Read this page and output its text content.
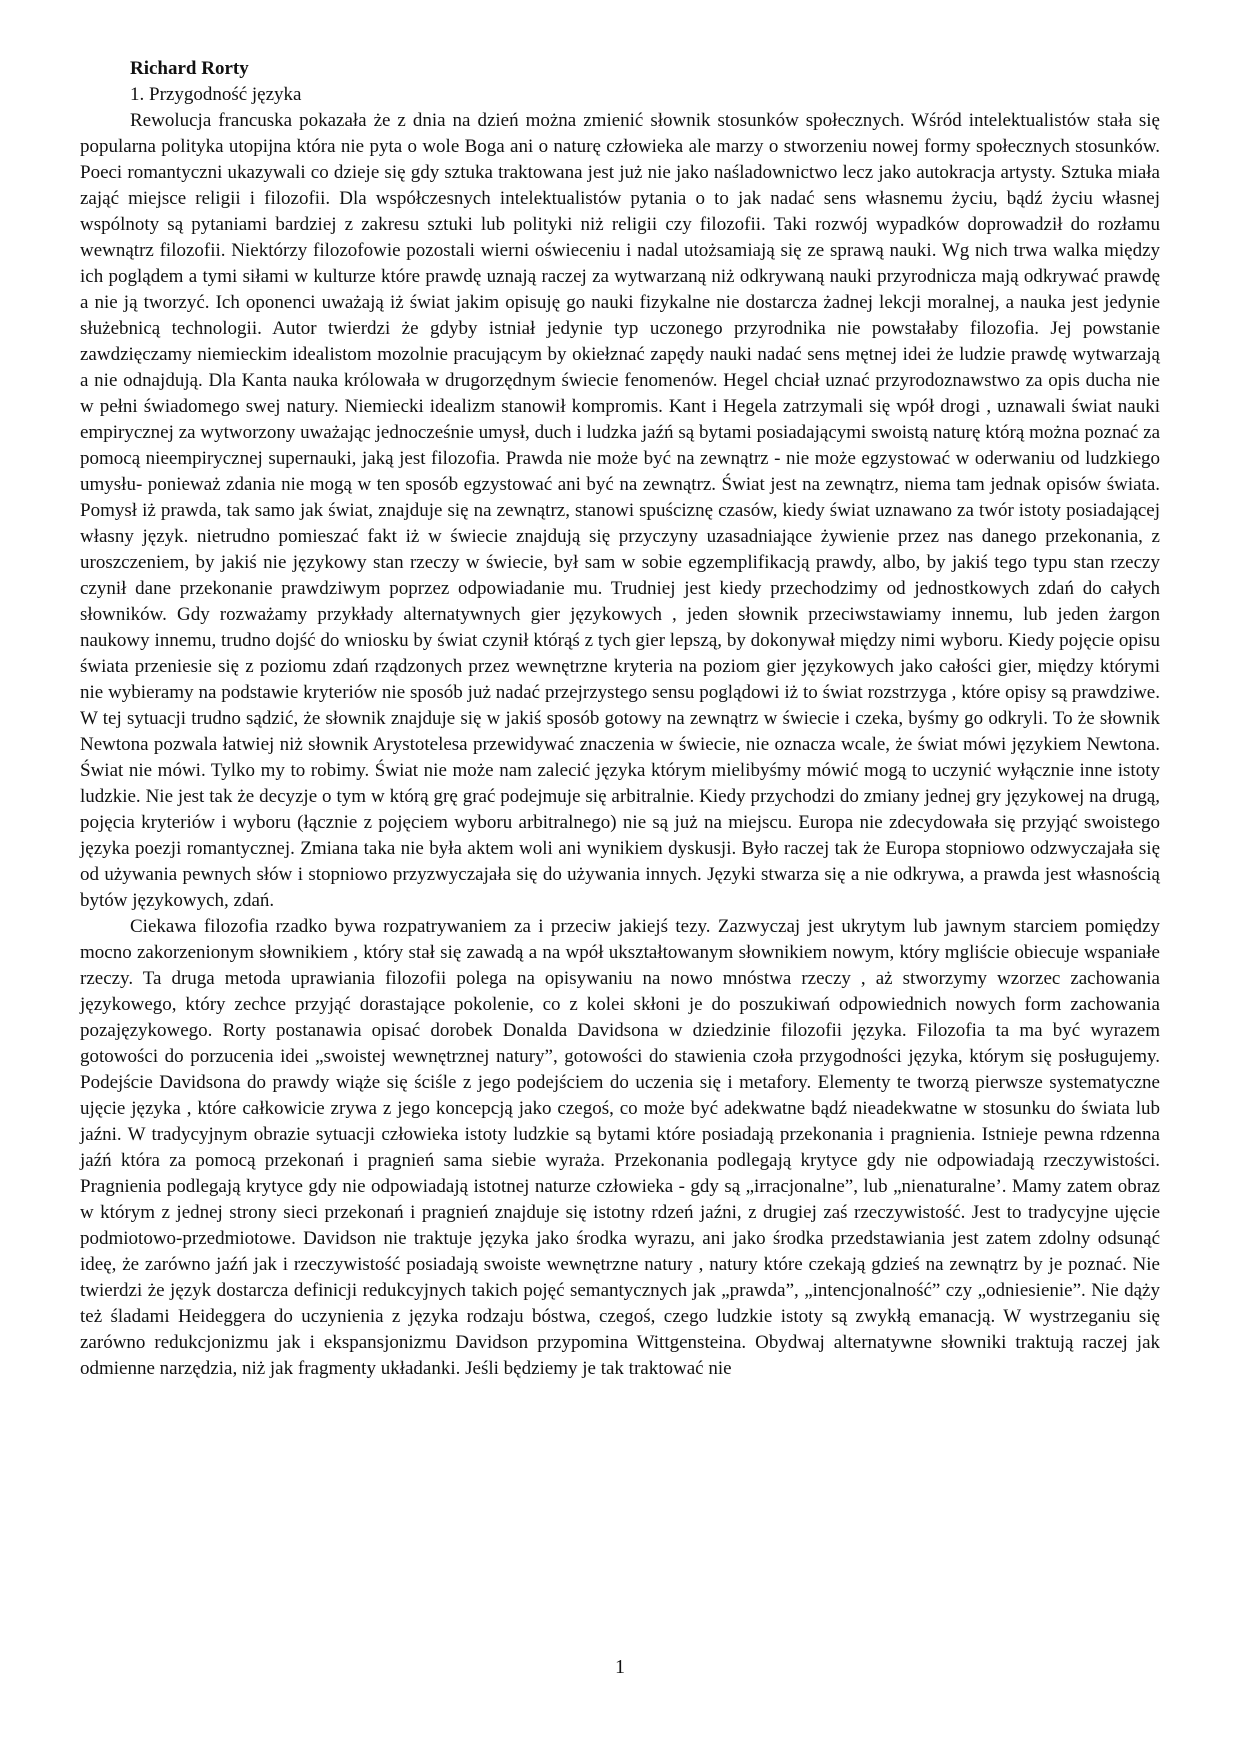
Richard Rorty

1. Przygodność języka

Rewolucja francuska pokazała że z dnia na dzień można zmienić słownik stosunków społecznych. Wśród intelektualistów stała się popularna polityka utopijna która nie pyta o wole Boga ani o naturę człowieka ale marzy o stworzeniu nowej formy społecznych stosunków. Poeci romantyczni ukazywali co dzieje się gdy sztuka traktowana jest już nie jako naśladownictwo lecz jako autokracja artysty. Sztuka miała zająć miejsce religii i filozofii. Dla współczesnych intelektualistów pytania o to jak nadać sens własnemu życiu, bądź życiu własnej wspólnoty są pytaniami bardziej z zakresu sztuki lub polityki niż religii czy filozofii. Taki rozwój wypadków doprowadził do rozłamu wewnątrz filozofii. Niektórzy filozofowie pozostali wierni oświeceniu i nadal utożsamiają się ze sprawą nauki. Wg nich trwa walka między ich poglądem a tymi siłami w kulturze które prawdę uznają raczej za wytwarzaną niż odkrywaną nauki przyrodnicza mają odkrywać prawdę a nie ją tworzyć. Ich oponenci uważają iż świat jakim opisuję go nauki fizykalne nie dostarcza żadnej lekcji moralnej, a nauka jest jedynie służebnicą technologii. Autor twierdzi że gdyby istniał jedynie typ uczonego przyrodnika nie powstałaby filozofia. Jej powstanie zawdzięczamy niemieckim idealistom mozolnie pracującym by okiełznać zapędy nauki nadać sens mętnej idei że ludzie prawdę wytwarzają a nie odnajdują. Dla Kanta nauka królowała w drugorzędnym świecie fenomenów. Hegel chciał uznać przyrodoznawstwo za opis ducha nie w pełni świadomego swej natury. Niemiecki idealizm stanowił kompromis. Kant i Hegela zatrzymali się wpół drogi , uznawali świat nauki empirycznej za wytworzony uważając jednocześnie umysł, duch i ludzka jaźń są bytami posiadającymi swoistą naturę którą można poznać za pomocą nieempirycznej supernauki, jaką jest filozofia. Prawda nie może być na zewnątrz - nie może egzystować w oderwaniu od ludzkiego umysłu- ponieważ zdania nie mogą w ten sposób egzystować ani być na zewnątrz. Świat jest na zewnątrz, niema tam jednak opisów świata. Pomysł iż prawda, tak samo jak świat, znajduje się na zewnątrz, stanowi spuściznę czasów, kiedy świat uznawano za twór istoty posiadającej własny język. nietrudno pomieszać fakt iż w świecie znajdują się przyczyny uzasadniające żywienie przez nas danego przekonania, z uroszczeniem, by jakiś nie językowy stan rzeczy w świecie, był sam w sobie egzemplifikacją prawdy, albo, by jakiś tego typu stan rzeczy czynił dane przekonanie prawdziwym poprzez odpowiadanie mu. Trudniej jest kiedy przechodzimy od jednostkowych zdań do całych słowników. Gdy rozważamy przykłady alternatywnych gier językowych , jeden słownik przeciwstawiamy innemu, lub jeden żargon naukowy innemu, trudno dojść do wniosku by świat czynił którąś z tych gier lepszą, by dokonywał między nimi wyboru. Kiedy pojęcie opisu świata przeniesie się z poziomu zdań rządzonych przez wewnętrzne kryteria na poziom gier językowych jako całości gier, między którymi nie wybieramy na podstawie kryteriów nie sposób już nadać przejrzystego sensu poglądowi iż to świat rozstrzyga , które opisy są prawdziwe. W tej sytuacji trudno sądzić, że słownik znajduje się w jakiś sposób gotowy na zewnątrz w świecie i czeka, byśmy go odkryli. To że słownik Newtona pozwala łatwiej niż słownik Arystotelesa przewidywać znaczenia w świecie, nie oznacza wcale, że świat mówi językiem Newtona. Świat nie mówi. Tylko my to robimy. Świat nie może nam zalecić języka którym mielibyśmy mówić mogą to uczynić wyłącznie inne istoty ludzkie. Nie jest tak że decyzje o tym w którą grę grać podejmuje się arbitralnie. Kiedy przychodzi do zmiany jednej gry językowej na drugą, pojęcia kryteriów i wyboru (łącznie z pojęciem wyboru arbitralnego) nie są już na miejscu. Europa nie zdecydowała się przyjąć swoistego języka poezji romantycznej. Zmiana taka nie była aktem woli ani wynikiem dyskusji. Było raczej tak że Europa stopniowo odzwyczajała się od używania pewnych słów i stopniowo przyzwyczajała się do używania innych. Języki stwarza się a nie odkrywa, a prawda jest własnością bytów językowych, zdań.

Ciekawa filozofia rzadko bywa rozpatrywaniem za i przeciw jakiejś tezy. Zazwyczaj jest ukrytym lub jawnym starciem pomiędzy mocno zakorzenionym słownikiem , który stał się zawadą a na wpół ukształtowanym słownikiem nowym, który mgliście obiecuje wspaniałe rzeczy. Ta druga metoda uprawiania filozofii polega na opisywaniu na nowo mnóstwa rzeczy , aż stworzymy wzorzec zachowania językowego, który zechce przyjąć dorastające pokolenie, co z kolei skłoni je do poszukiwań odpowiednich nowych form zachowania pozajęzykowego. Rorty postanawia opisać dorobek Donalda Davidsona w dziedzinie filozofii języka. Filozofia ta ma być wyrazem gotowości do porzucenia idei „swoistej wewnętrznej natury”, gotowości do stawienia czoła przygodności języka, którym się posługujemy. Podejście Davidsona do prawdy wiąże się ściśle z jego podejściem do uczenia się i metafory. Elementy te tworzą pierwsze systematyczne ujęcie języka , które całkowicie zrywa z jego koncepcją jako czegoś, co może być adekwatne bądź nieadekwatne w stosunku do świata lub jaźni. W tradycyjnym obrazie sytuacji człowieka istoty ludzkie są bytami które posiadają przekonania i pragnienia. Istnieje pewna rdzenna jaźń która za pomocą przekonań i pragnień sama siebie wyraża. Przekonania podlegają krytyce gdy nie odpowiadają rzeczywistości. Pragnienia podlegają krytyce gdy nie odpowiadają istotnej naturze człowieka - gdy są „irracjonalne”, lub „nienaturalne’. Mamy zatem obraz w którym z jednej strony sieci przekonań i pragnień znajduje się istotny rdzeń jaźni, z drugiej zaś rzeczywistość. Jest to tradycyjne ujęcie podmiotowo-przedmiotowe. Davidson nie traktuje języka jako środka wyrazu, ani jako środka przedstawiania jest zatem zdolny odsunąć ideę, że zarówno jaźń jak i rzeczywistość posiadają swoiste wewnętrzne natury , natury które czekają gdzieś na zewnątrz by je poznać. Nie twierdzi że język dostarcza definicji redukcyjnych takich pojęć semantycznych jak „prawda”, „intencjonalność” czy „odniesienie”. Nie dąży też śladami Heideggera do uczynienia z języka rodzaju bóstwa, czegoś, czego ludzkie istoty są zwykłą emanacją. W wystrzeganiu się zarówno redukcjonizmu jak i ekspansjonizmu Davidson przypomina Wittgensteina. Obydwaj alternatywne słowniki traktują raczej jak odmienne narzędzia, niż jak fragmenty układanki. Jeśli będziemy je tak traktować nie

1
